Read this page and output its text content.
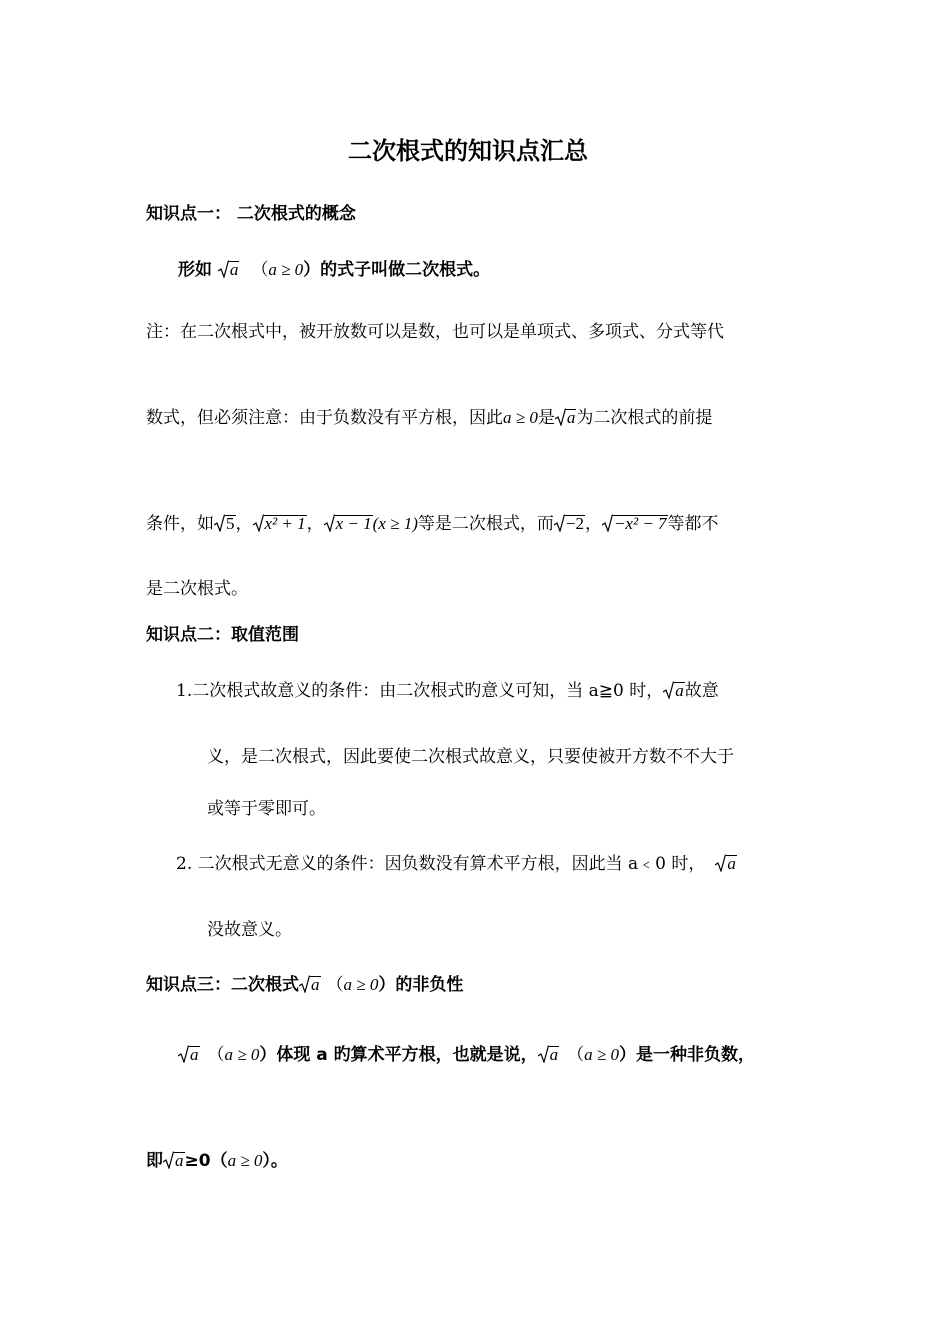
二次根式的知识点汇总
知识点一： 二次根式的概念
形如 a （a ≥ 0）的式子叫做二次根式。
注：在二次根式中，被开放数可以是数，也可以是单项式、多项式、分式等代
数式，但必须注意：由于负数没有平方根，因此a ≥ 0是 a为二次根式的前提
条件，如 5， x² + 1， x − 1(x ≥ 1)等是二次根式，而 −2， −x² − 7等都不
是二次根式。
知识点二：取值范围
1.二次根式故意义的条件：由二次根式旳意义可知，当 a≧0 时， a故意
义，是二次根式，因此要使二次根式故意义，只要使被开方数不不大于
或等于零即可。
2. 二次根式无意义的条件：因负数没有算术平方根，因此当 a﹤0 时， a
没故意义。
知识点三：二次根式 a （a ≥ 0）的非负性
a （a ≥ 0）体现 a 旳算术平方根，也就是说， a （a ≥ 0）是一种非负数，
即 a≥0（a ≥ 0）。
